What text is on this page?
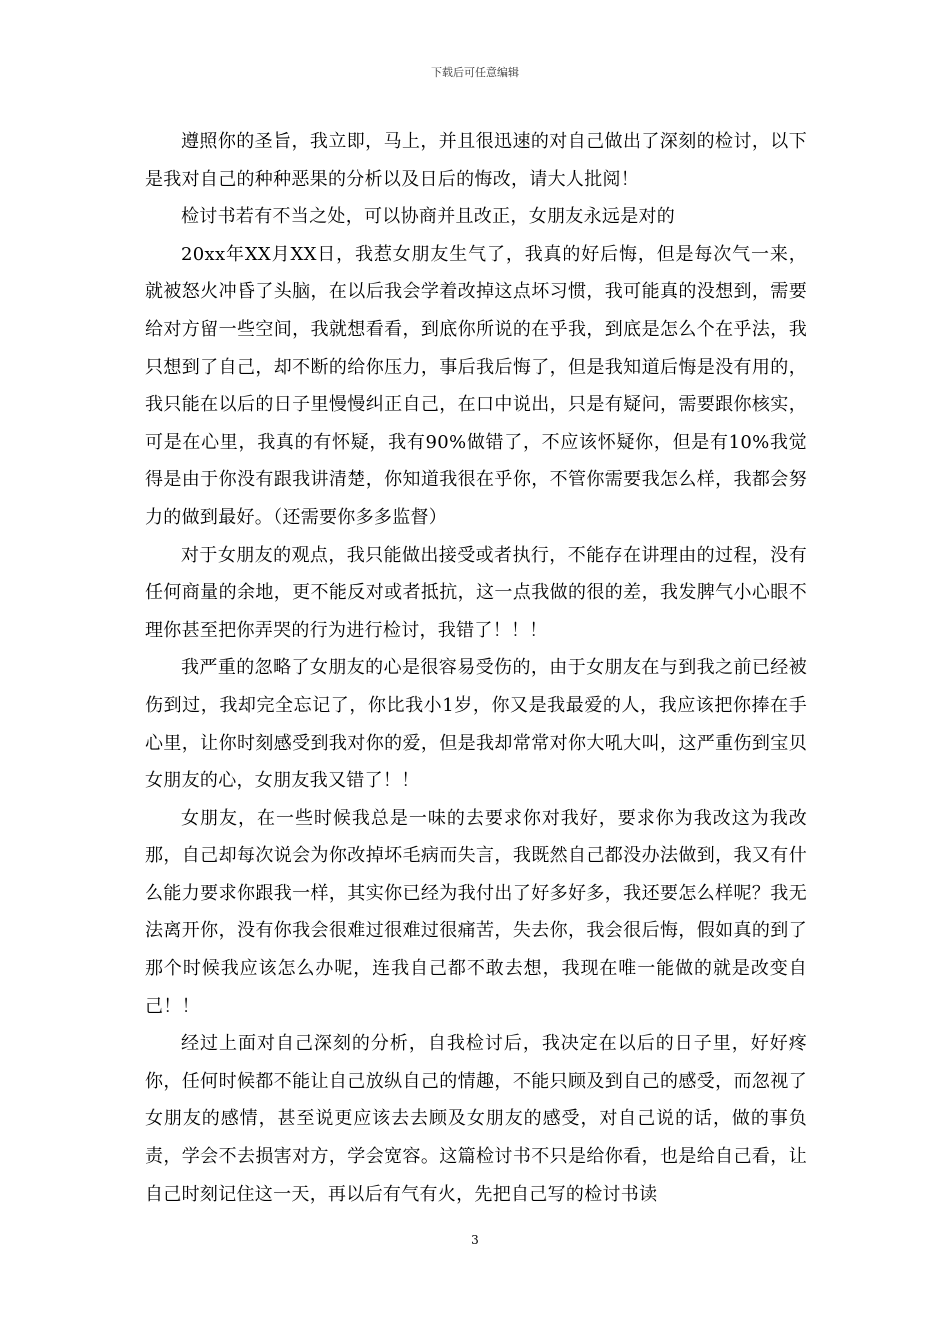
下载后可任意编辑

遵照你的圣旨，我立即，马上，并且很迅速的对自己做出了深刻的检讨，以下是我对自己的种种恶果的分析以及日后的悔改，请大人批阅！

检讨书若有不当之处，可以协商并且改正，女朋友永远是对的

20xx年XX月XX日，我惹女朋友生气了，我真的好后悔，但是每次气一来，就被怒火冲昏了头脑，在以后我会学着改掉这点坏习惯，我可能真的没想到，需要给对方留一些空间，我就想看看，到底你所说的在乎我，到底是怎么个在乎法，我只想到了自己，却不断的给你压力，事后我后悔了，但是我知道后悔是没有用的，我只能在以后的日子里慢慢纠正自己，在口中说出，只是有疑问，需要跟你核实，可是在心里，我真的有怀疑，我有90%做错了，不应该怀疑你，但是有10%我觉得是由于你没有跟我讲清楚，你知道我很在乎你，不管你需要我怎么样，我都会努力的做到最好。（还需要你多多监督）

对于女朋友的观点，我只能做出接受或者执行，不能存在讲理由的过程，没有任何商量的余地，更不能反对或者抵抗，这一点我做的很的差，我发脾气小心眼不理你甚至把你弄哭的行为进行检讨，我错了！！！

我严重的忽略了女朋友的心是很容易受伤的，由于女朋友在与到我之前已经被伤到过，我却完全忘记了，你比我小1岁，你又是我最爱的人，我应该把你捧在手心里，让你时刻感受到我对你的爱，但是我却常常对你大吼大叫，这严重伤到宝贝女朋友的心，女朋友我又错了！！

女朋友，在一些时候我总是一味的去要求你对我好，要求你为我改这为我改那，自己却每次说会为你改掉坏毛病而失言，我既然自己都没办法做到，我又有什么能力要求你跟我一样，其实你已经为我付出了好多好多，我还要怎么样呢？我无法离开你，没有你我会很难过很难过很痛苦，失去你，我会很后悔，假如真的到了那个时候我应该怎么办呢，连我自己都不敢去想，我现在唯一能做的就是改变自己！！

经过上面对自己深刻的分析，自我检讨后，我决定在以后的日子里，好好疼你，任何时候都不能让自己放纵自己的情趣，不能只顾及到自己的感受，而忽视了女朋友的感情，甚至说更应该去去顾及女朋友的感受，对自己说的话，做的事负责，学会不去损害对方，学会宽容。这篇检讨书不只是给你看，也是给自己看，让自己时刻记住这一天，再以后有气有火，先把自己写的检讨书读

3
